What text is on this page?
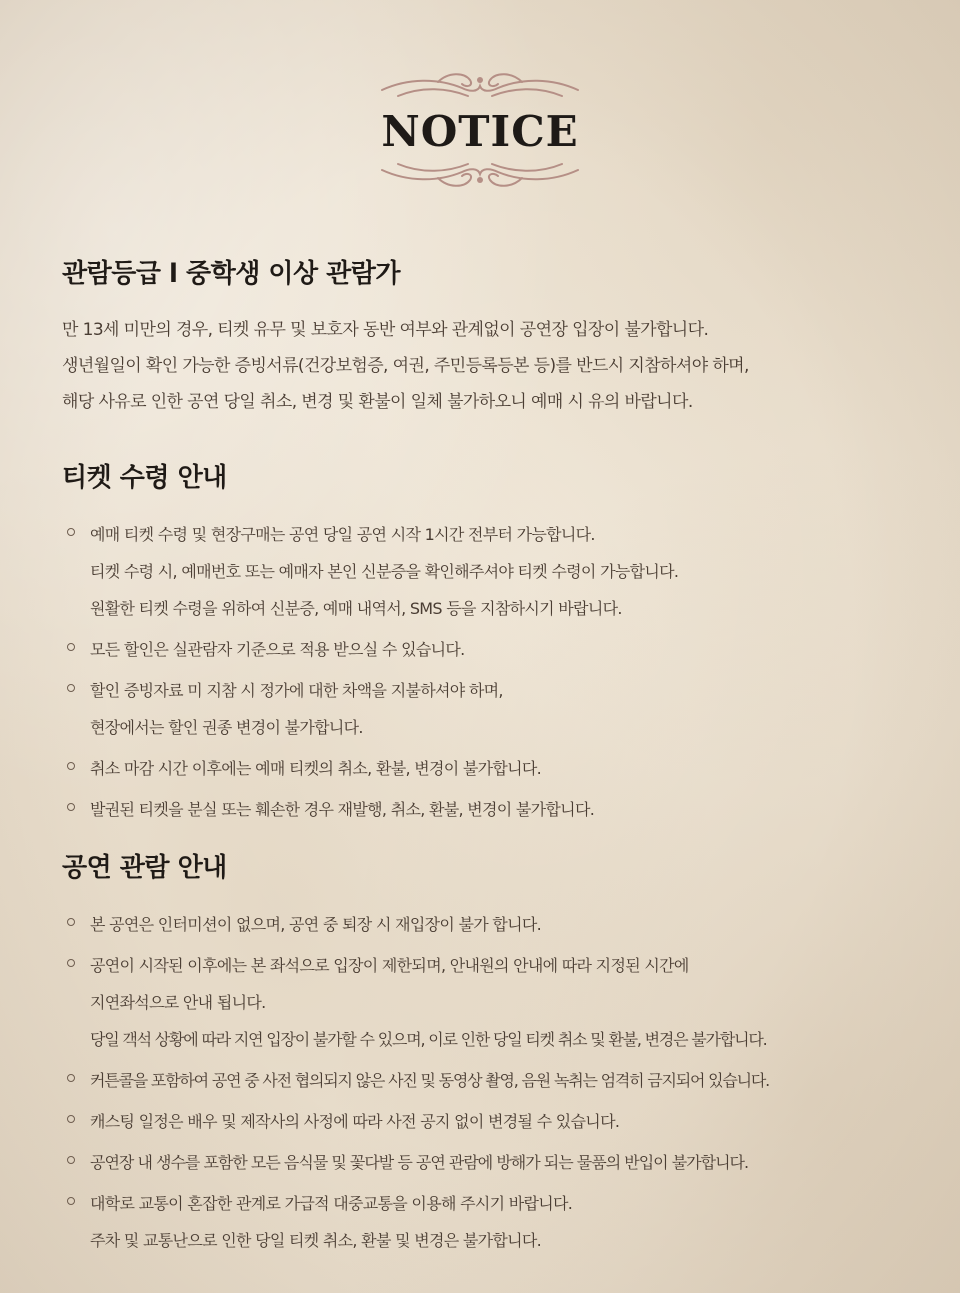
NOTICE
관람등급 l 중학생 이상 관람가

만 13세 미만의 경우, 티켓 유무 및 보호자 동반 여부와 관계없이 공연장 입장이 불가합니다.

생년월일이 확인 가능한 증빙서류(건강보험증, 여권, 주민등록등본 등)를 반드시 지참하셔야 하며,

해당 사유로 인한 공연 당일 취소, 변경 및 환불이 일체 불가하오니 예매 시 유의 바랍니다.

티켓 수령 안내
예매 티켓 수령 및 현장구매는 공연 당일 공연 시작 1시간 전부터 가능합니다.
티켓 수령 시, 예매번호 또는 예매자 본인 신분증을 확인해주셔야 티켓 수령이 가능합니다.
원활한 티켓 수령을 위하여 신분증, 예매 내역서, SMS 등을 지참하시기 바랍니다.
모든 할인은 실관람자 기준으로 적용 받으실 수 있습니다.
할인 증빙자료 미 지참 시 정가에 대한 차액을 지불하셔야 하며,
현장에서는 할인 권종 변경이 불가합니다.
취소 마감 시간 이후에는 예매 티켓의 취소, 환불, 변경이 불가합니다.
발권된 티켓을 분실 또는 훼손한 경우 재발행, 취소, 환불, 변경이 불가합니다.
공연 관람 안내
본 공연은 인터미션이 없으며, 공연 중 퇴장 시 재입장이 불가 합니다.
공연이 시작된 이후에는 본 좌석으로 입장이 제한되며, 안내원의 안내에 따라 지정된 시간에
지연좌석으로 안내 됩니다.
당일 객석 상황에 따라 지연 입장이 불가할 수 있으며, 이로 인한 당일 티켓 취소 및 환불, 변경은 불가합니다.
커튼콜을 포함하여 공연 중 사전 협의되지 않은 사진 및 동영상 촬영, 음원 녹취는 엄격히 금지되어 있습니다.
캐스팅 일정은 배우 및 제작사의 사정에 따라 사전 공지 없이 변경될 수 있습니다.
공연장 내 생수를 포함한 모든 음식물 및 꽃다발 등 공연 관람에 방해가 되는 물품의 반입이 불가합니다.
대학로 교통이 혼잡한 관계로 가급적 대중교통을 이용해 주시기 바랍니다.
주차 및 교통난으로 인한 당일 티켓 취소, 환불 및 변경은 불가합니다.
